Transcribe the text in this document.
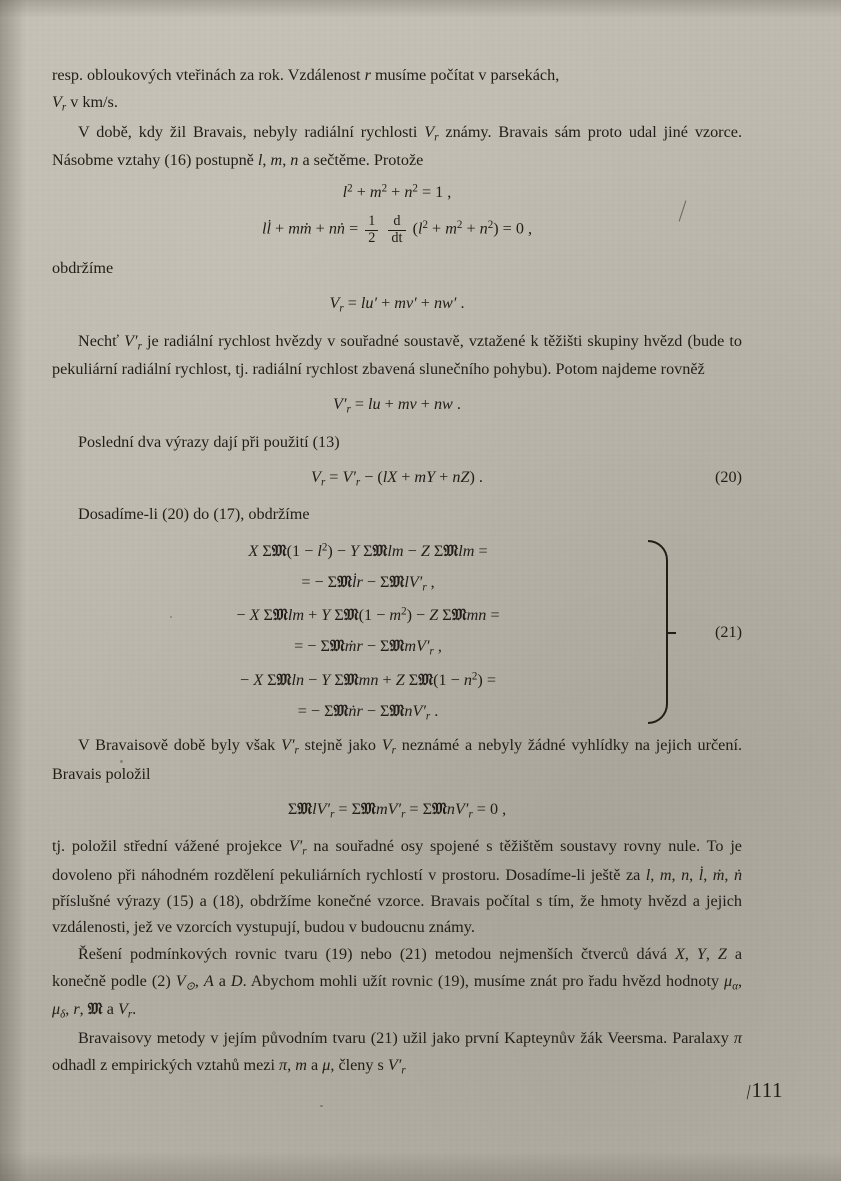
resp. obloukových vteřinách za rok. Vzdálenost r musíme počítat v parsekách,

$V_r$ v km/s.

V době, kdy žil Bravais, nebyly radiální rychlosti $V_r$ známy. Bravais sám proto udal jiné vzorce. Násobme vztahy (16) postupně l, m, n a sečtěme. Protože

$l^2 + m^2 + n^2 = 1$ ,
ll̇ + mṁ + nṅ = $\frac{1}{2}$
$\frac{d}{dt} (l^2 + m^2 + n^2) = 0$ ,

obdržíme

$V_r = lu' + mv' + nw'$ .

Nechť $V'_r$ je radiální rychlost hvězdy v souřadné soustavě, vztažené k těžišti skupiny hvězd (bude to pekuliární radiální rychlost, tj. radiální rychlost zbavená slunečního pohybu). Potom najdeme rovněž

$V'_r$ = lu + mv + nw .

Poslední dva výrazy dají při použití (13)

$V_r = V'_r - (lX$ + mY + nZ) .	(20)

Dosadíme-li (20) do (17), obdržíme

X Σ𝔐(1 − $l^2) - Y$ Σ𝔐lm − Z Σ𝔐lm =
= − Σ𝔐l̇r − $\Sigma 𝔐lV'_r$ ,
− X Σ𝔐lm + Y Σ𝔐(1 − $m^2) - Z$ Σ𝔐mn =
= − Σ𝔐ṁr − $\Sigma 𝔐mV'_r$ ,
− X Σ𝔐ln − Y Σ𝔐mn + Z Σ𝔐(1 − $n^2$) =
= − Σ𝔐ṅr − $\Sigma 𝔐nV'_r$ .
(21)

V Bravaisově době byly však $V'_r$ stejně jako $V_r$ neznámé a nebyly žádné vyhlídky na jejich určení. Bravais položil

$\Sigma 𝔐lV'_r$ = $\Sigma 𝔐mV'_r$ = $\Sigma 𝔐nV'_r = 0$ ,

tj. položil střední vážené projekce $V'_r$ na souřadné osy spojené s těžištěm soustavy rovny nule. To je dovoleno při náhodném rozdělení pekuliárních rychlostí v prostoru. Dosadíme-li ještě za l, m, n, l̇, ṁ, ṅ příslušné výrazy (15) a (18), obdržíme konečné vzorce. Bravais počítal s tím, že hmoty hvězd a jejich vzdálenosti, jež ve vzorcích vystupují, budou v budoucnu známy.

Řešení podmínkových rovnic tvaru (19) nebo (21) metodou nejmenších čtverců dává X, Y, Z a konečně podle (2) $V_⊙$, A a D. Abychom mohli užít rovnic (19), musíme znát pro řadu hvězd hodnoty $\mu_\alpha$, $\mu_\delta$, r, 𝔐 a $V_r$.

Bravaisovy metody v jejím původním tvaru (21) užil jako první Kapteynův žák Veersma. Paralaxy π odhadl z empirických vztahů mezi π, m a μ, členy s $V'_r$

|111
